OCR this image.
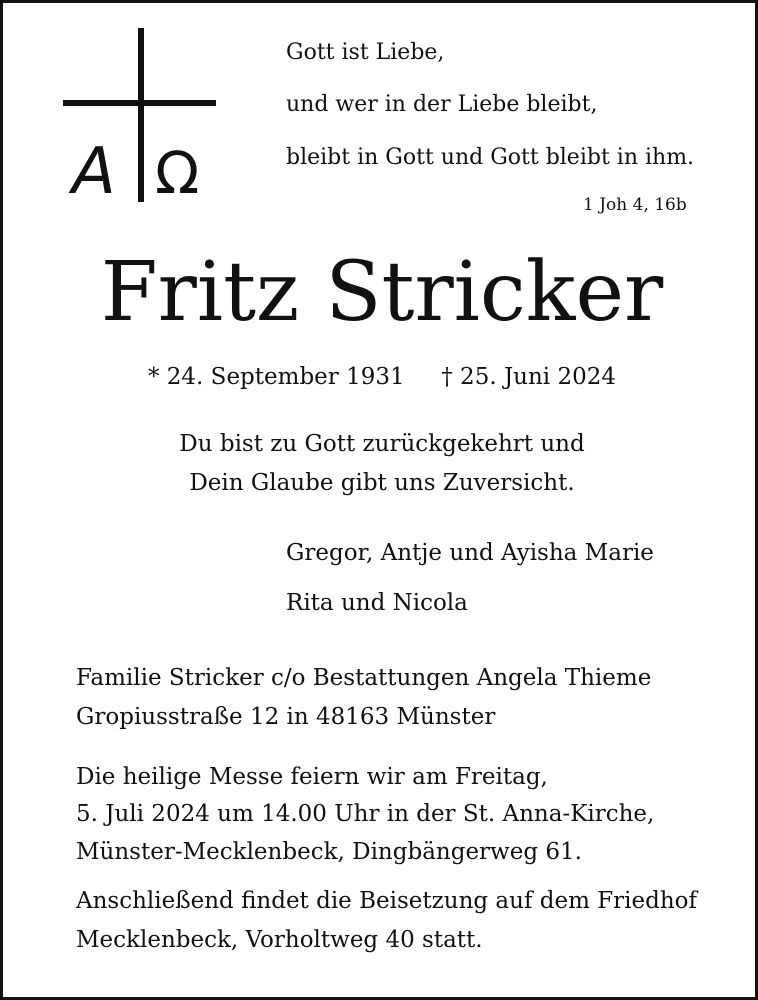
A Ω
Gott ist Liebe,
und wer in der Liebe bleibt,
bleibt in Gott und Gott bleibt in ihm.
1 Joh 4, 16b
Fritz Stricker
* 24. September 1931 † 25. Juni 2024
Du bist zu Gott zurückgekehrt und
Dein Glaube gibt uns Zuversicht.
Gregor, Antje und Ayisha Marie
Rita und Nicola
Familie Stricker c/o Bestattungen Angela Thieme
Gropiusstraße 12 in 48163 Münster
Die heilige Messe feiern wir am Freitag,
5. Juli 2024 um 14.00 Uhr in der St. Anna-Kirche,
Münster-Mecklenbeck, Dingbängerweg 61.
Anschließend findet die Beisetzung auf dem Friedhof
Mecklenbeck, Vorholtweg 40 statt.
